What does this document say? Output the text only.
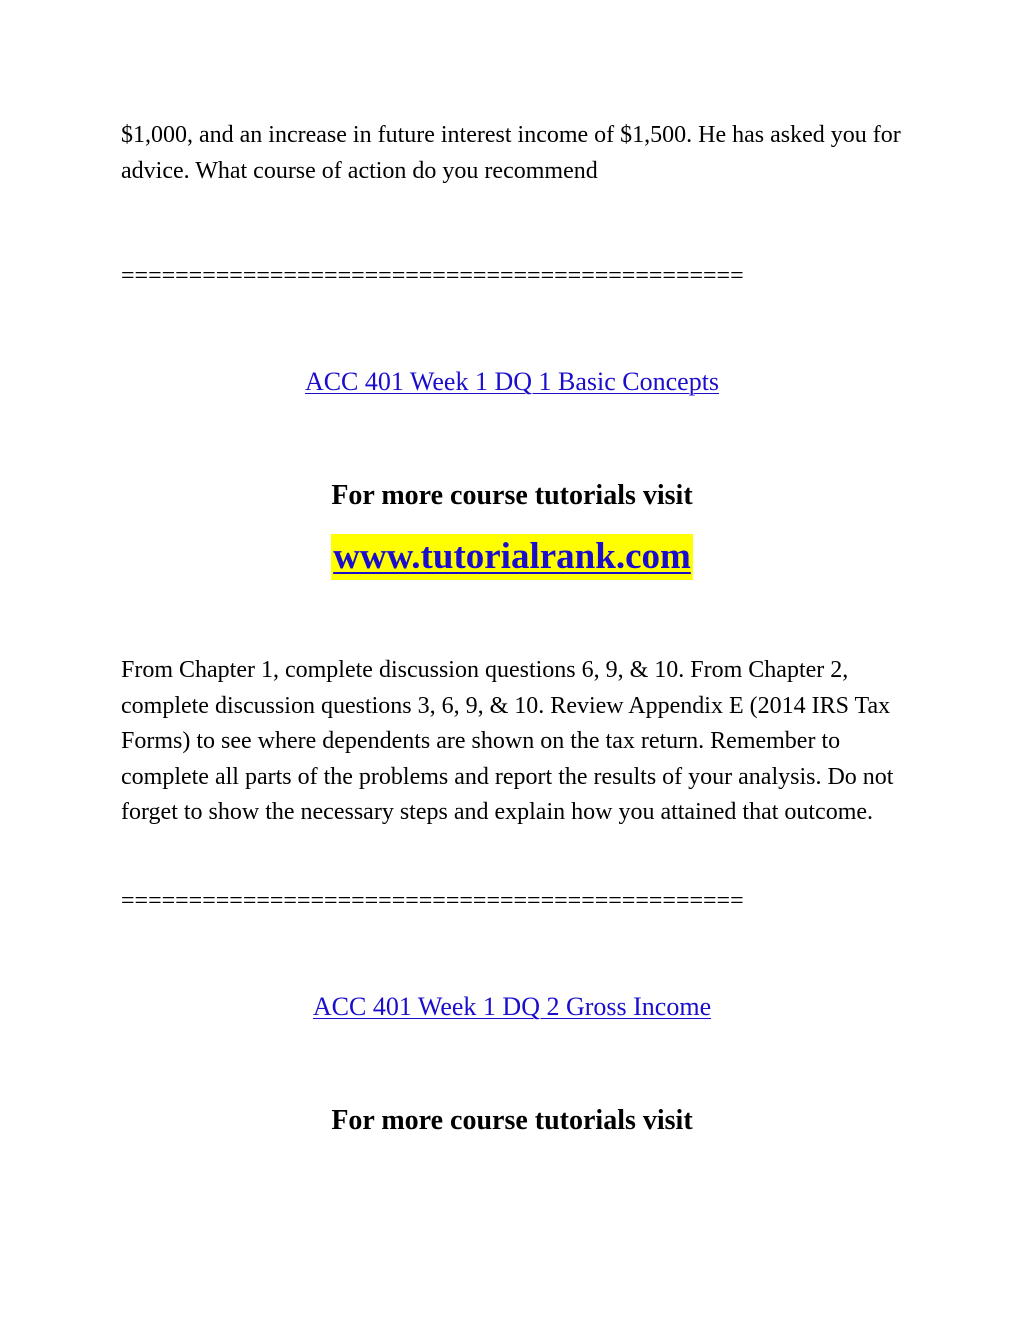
$1,000, and an increase in future interest income of $1,500. He has asked you for advice. What course of action do you recommend

==============================================

ACC 401 Week 1 DQ 1 Basic Concepts

For more course tutorials visit

www.tutorialrank.com

From Chapter 1, complete discussion questions 6, 9, & 10. From Chapter 2, complete discussion questions 3, 6, 9, & 10. Review Appendix E (2014 IRS Tax Forms) to see where dependents are shown on the tax return. Remember to complete all parts of the problems and report the results of your analysis. Do not forget to show the necessary steps and explain how you attained that outcome.

==============================================

ACC 401 Week 1 DQ 2 Gross Income

For more course tutorials visit
